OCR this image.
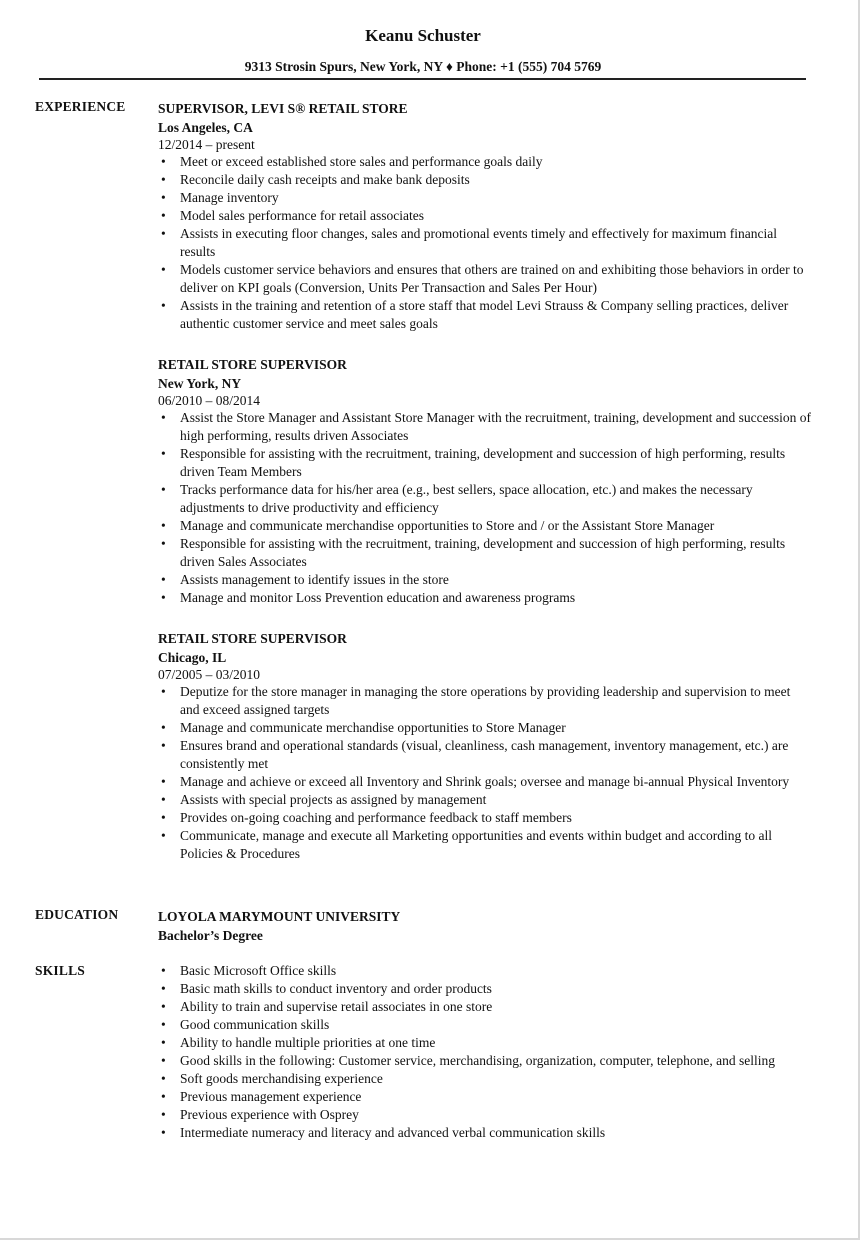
Keanu Schuster
9313 Strosin Spurs, New York, NY ♦ Phone: +1 (555) 704 5769
EXPERIENCE SUPERVISOR, LEVI S® RETAIL STORE
Los Angeles, CA
12/2014 – present
• Meet or exceed established store sales and performance goals daily
• Reconcile daily cash receipts and make bank deposits
• Manage inventory
• Model sales performance for retail associates
• Assists in executing floor changes, sales and promotional events timely and effectively for maximum financial results
• Models customer service behaviors and ensures that others are trained on and exhibiting those behaviors in order to deliver on KPI goals (Conversion, Units Per Transaction and Sales Per Hour)
• Assists in the training and retention of a store staff that model Levi Strauss & Company selling practices, deliver authentic customer service and meet sales goals
RETAIL STORE SUPERVISOR
New York, NY
06/2010 – 08/2014
• Assist the Store Manager and Assistant Store Manager with the recruitment, training, development and succession of high performing, results driven Associates
• Responsible for assisting with the recruitment, training, development and succession of high performing, results driven Team Members
• Tracks performance data for his/her area (e.g., best sellers, space allocation, etc.) and makes the necessary adjustments to drive productivity and efficiency
• Manage and communicate merchandise opportunities to Store and / or the Assistant Store Manager
• Responsible for assisting with the recruitment, training, development and succession of high performing, results driven Sales Associates
• Assists management to identify issues in the store
• Manage and monitor Loss Prevention education and awareness programs
RETAIL STORE SUPERVISOR
Chicago, IL
07/2005 – 03/2010
• Deputize for the store manager in managing the store operations by providing leadership and supervision to meet and exceed assigned targets
• Manage and communicate merchandise opportunities to Store Manager
• Ensures brand and operational standards (visual, cleanliness, cash management, inventory management, etc.) are consistently met
• Manage and achieve or exceed all Inventory and Shrink goals; oversee and manage bi-annual Physical Inventory
• Assists with special projects as assigned by management
• Provides on-going coaching and performance feedback to staff members
• Communicate, manage and execute all Marketing opportunities and events within budget and according to all Policies & Procedures
EDUCATION	LOYOLA MARYMOUNT UNIVERSITY
Bachelor’s Degree
SKILLS	• Basic Microsoft Office skills
• Basic math skills to conduct inventory and order products
• Ability to train and supervise retail associates in one store
• Good communication skills
• Ability to handle multiple priorities at one time
• Good skills in the following: Customer service, merchandising, organization, computer, telephone, and selling
• Soft goods merchandising experience
• Previous management experience
• Previous experience with Osprey
• Intermediate numeracy and literacy and advanced verbal communication skills
